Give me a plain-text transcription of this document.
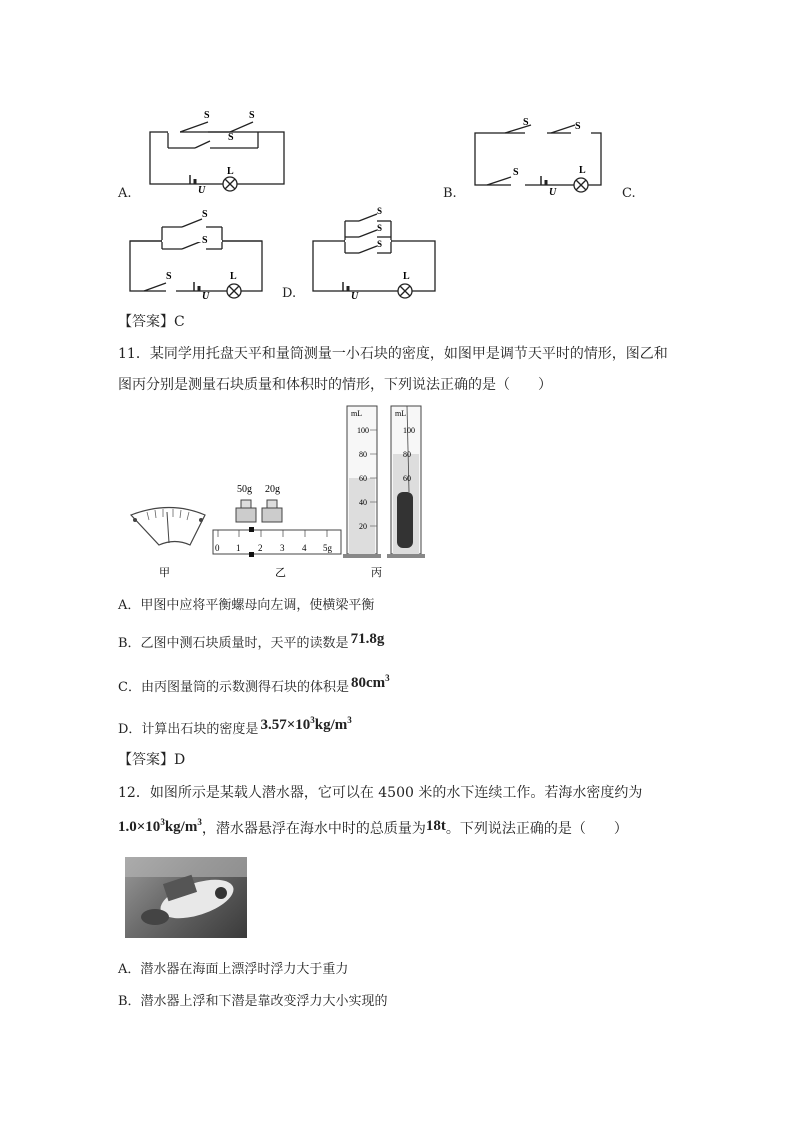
S	S
S
L
U
A.
S	S
S	L
U
B.	C.
S
S
S	L
U	D.
S
S
S
L
U
【答案】C
11．某同学用托盘天平和量筒测量一小石块的密度，如图甲是调节天平时的情形，图乙和
图丙分别是测量石块质量和体积时的情形，下列说法正确的是（　　）
甲
50g 20g
0 1 2 3 4 5g
乙
mL
100
80
60
40
20
mL
100
80
60
丙
A．甲图中应将平衡螺母向左调，使横梁平衡
B．乙图中测石块质量时，天平的读数是 71.8g
C．由丙图量筒的示数测得石块的体积是 $80cm^3$
D．计算出石块的密度是 $3.57\times 10^3kg/m^3$
【答案】D
12．如图所示是某载人潜水器，它可以在 4500 米的水下连续工作。若海水密度约为
$1.0\times 10^3kg/m^3$，潜水器悬浮在海水中时的总质量为18t。下列说法正确的是（　　）
A．潜水器在海面上漂浮时浮力大于重力
B．潜水器上浮和下潜是靠改变浮力大小实现的
